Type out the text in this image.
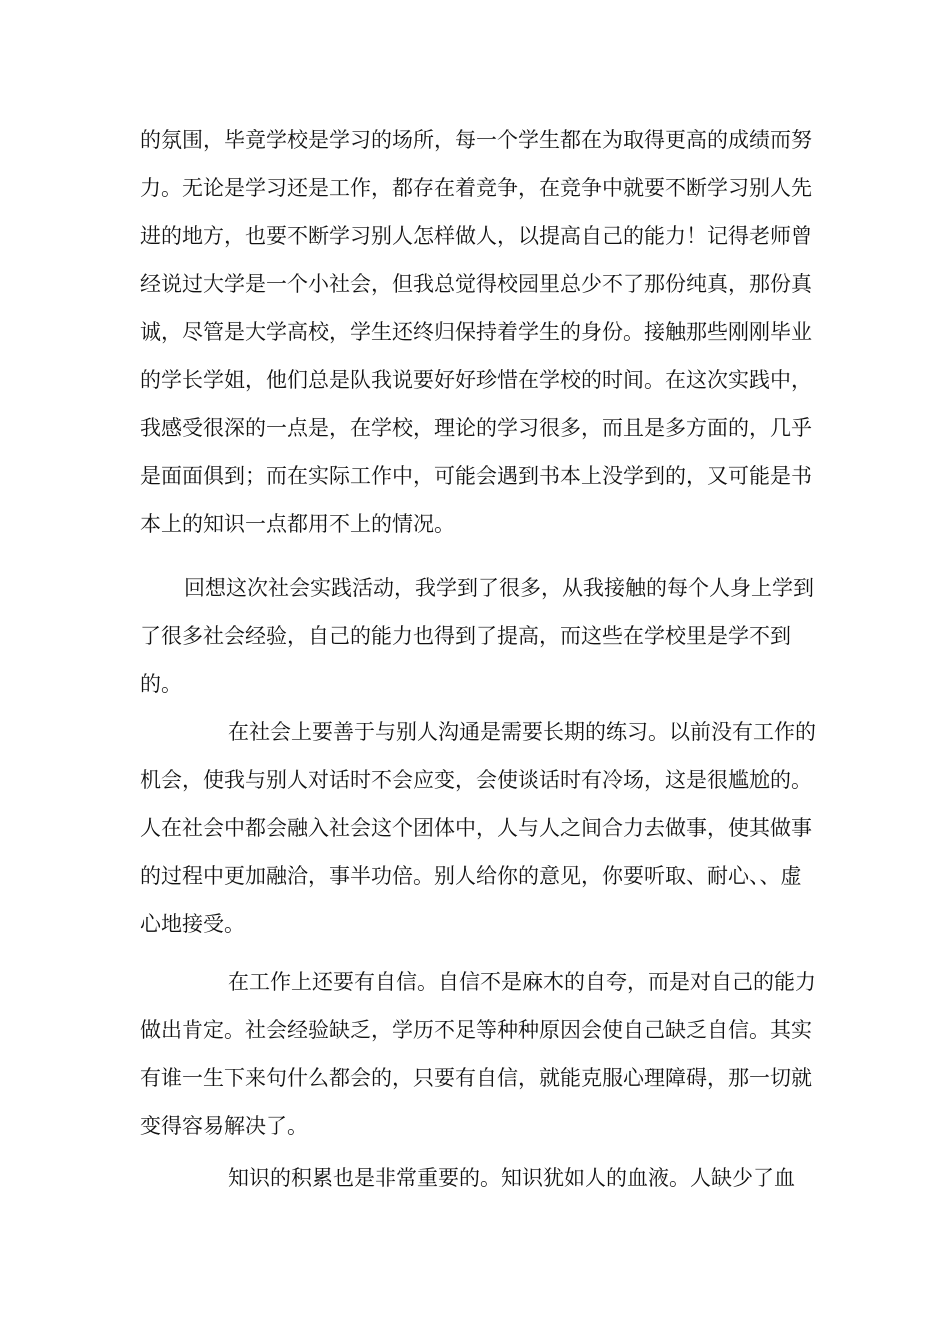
的氛围，毕竟学校是学习的场所，每一个学生都在为取得更高的成绩而努

力。无论是学习还是工作，都存在着竞争，在竞争中就要不断学习别人先

进的地方，也要不断学习别人怎样做人，以提高自己的能力！记得老师曾

经说过大学是一个小社会，但我总觉得校园里总少不了那份纯真，那份真

诚，尽管是大学高校，学生还终归保持着学生的身份。接触那些刚刚毕业

的学长学姐，他们总是队我说要好好珍惜在学校的时间。在这次实践中，

我感受很深的一点是，在学校，理论的学习很多，而且是多方面的，几乎

是面面俱到；而在实际工作中，可能会遇到书本上没学到的，又可能是书

本上的知识一点都用不上的情况。

回想这次社会实践活动，我学到了很多，从我接触的每个人身上学到

了很多社会经验，自己的能力也得到了提高，而这些在学校里是学不到

的。

在社会上要善于与别人沟通是需要长期的练习。以前没有工作的

机会，使我与别人对话时不会应变，会使谈话时有冷场，这是很尴尬的。

人在社会中都会融入社会这个团体中，人与人之间合力去做事，使其做事

的过程中更加融洽，事半功倍。别人给你的意见，你要听取、耐心、、虚

心地接受。

在工作上还要有自信。自信不是麻木的自夸，而是对自己的能力

做出肯定。社会经验缺乏，学历不足等种种原因会使自己缺乏自信。其实

有谁一生下来句什么都会的，只要有自信，就能克服心理障碍，那一切就

变得容易解决了。

知识的积累也是非常重要的。知识犹如人的血液。人缺少了血
